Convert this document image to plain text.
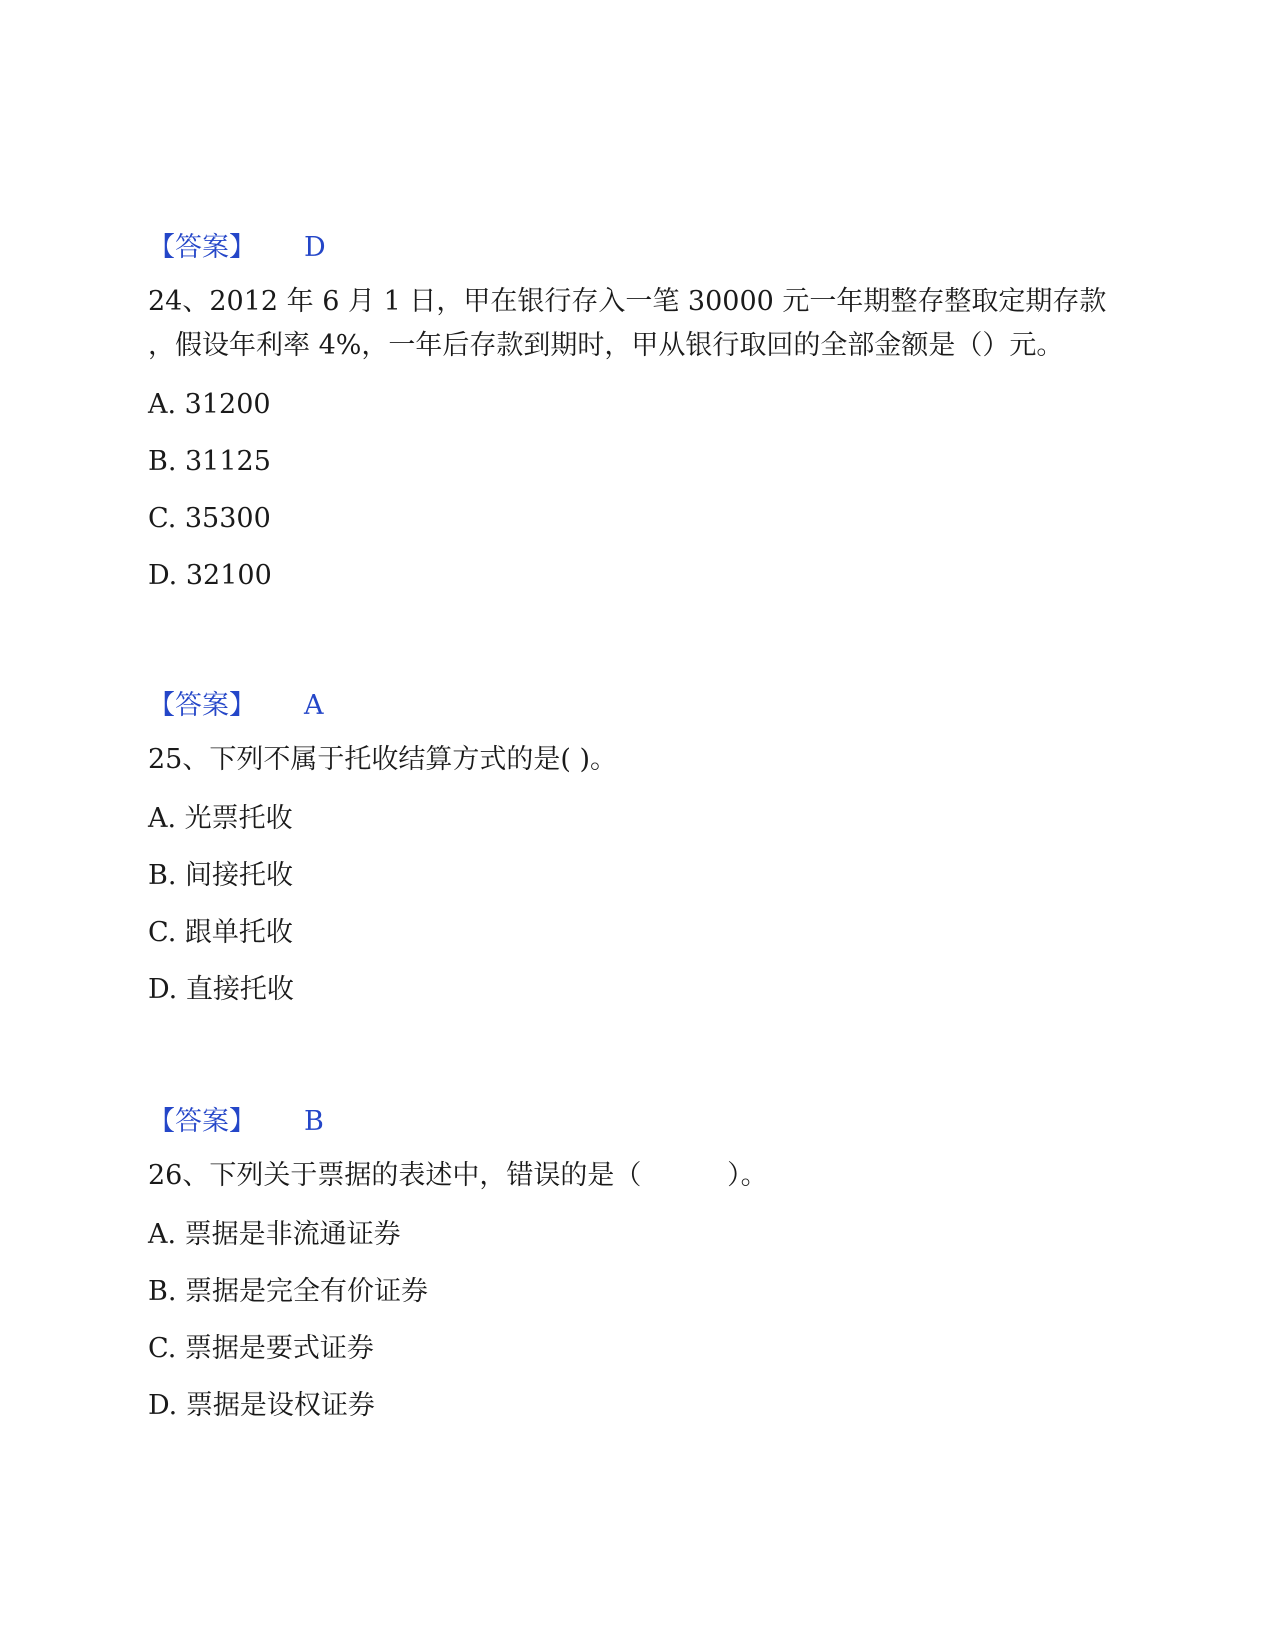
【答案】 D
24、2012 年 6 月 1 日，甲在银行存入一笔 30000 元一年期整存整取定期存款
，假设年利率 4%，一年后存款到期时，甲从银行取回的全部金额是（）元。
A. 31200
B. 31125
C. 35300
D. 32100
【答案】 A
25、下列不属于托收结算方式的是( )。
A. 光票托收
B. 间接托收
C. 跟单托收
D. 直接托收
【答案】 B
26、下列关于票据的表述中，错误的是（          ）。
A. 票据是非流通证券
B. 票据是完全有价证券
C. 票据是要式证券
D. 票据是设权证券
